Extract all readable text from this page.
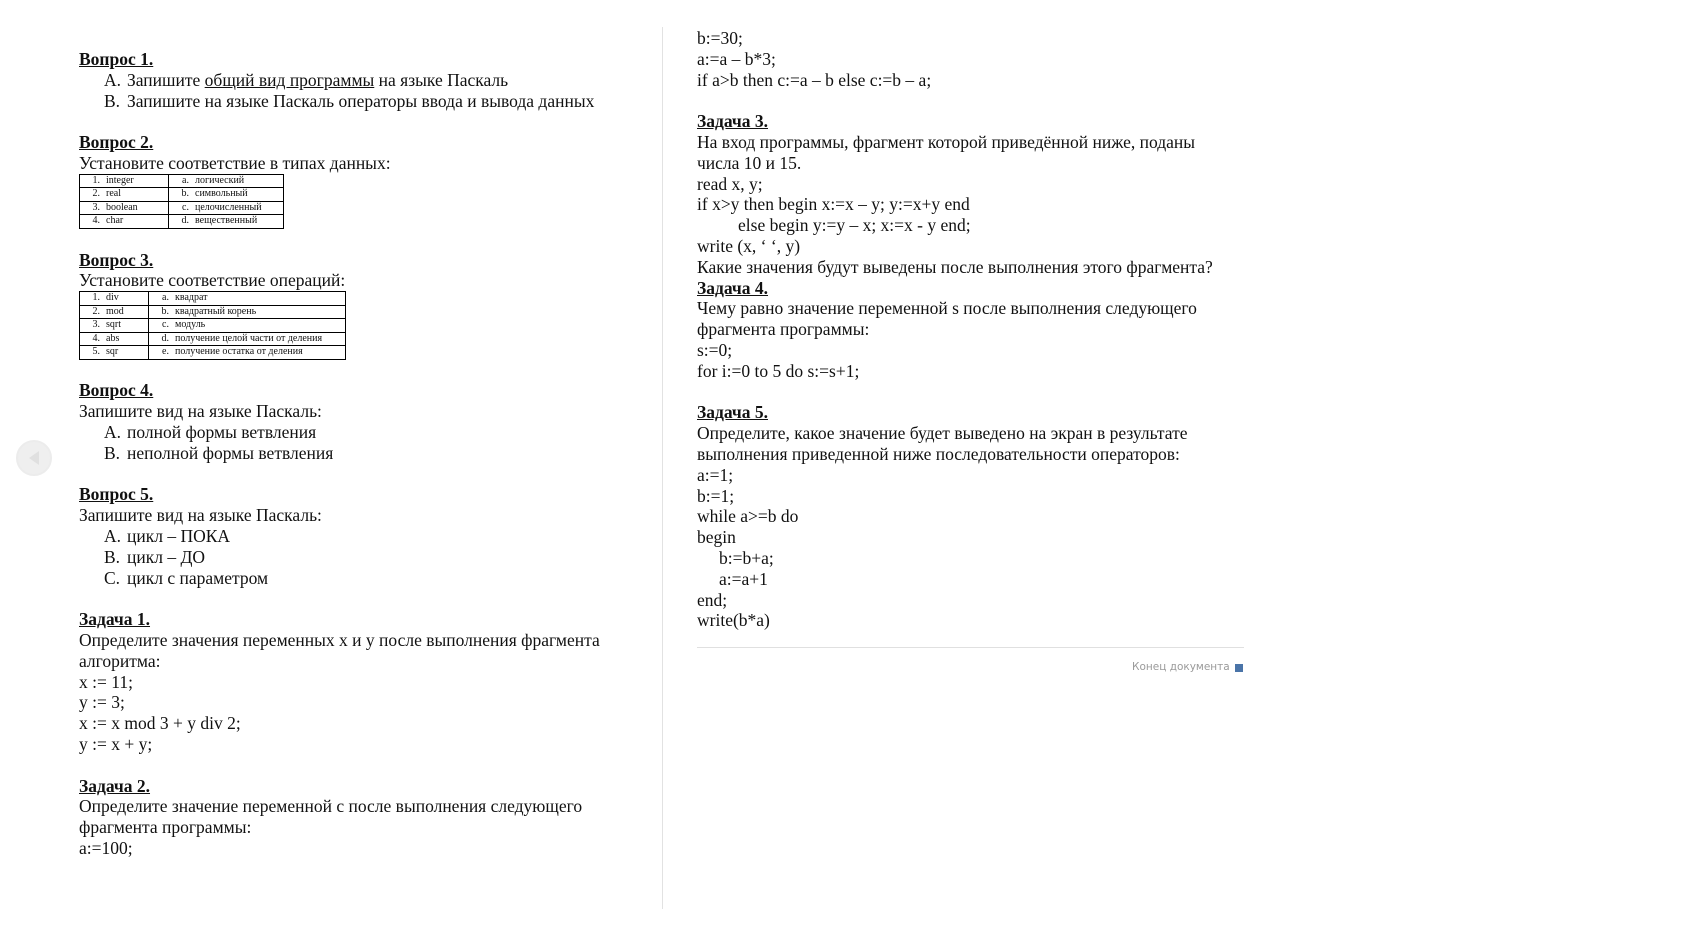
Вопрос 1.
A. Запишите общий вид программы на языке Паскаль
B. Запишите на языке Паскаль операторы ввода и вывода данных
Вопрос 2.
Установите соответствие в типах данных:
1. integer	a. логический
2. real	b. символьный
3. boolean	c. целочисленный
4. char	d. вещественный
Вопрос 3.
Установите соответствие операций:
1. div	a. квадрат
2. mod	b. квадратный корень
3. sqrt	c. модуль
4. abs	d. получение целой части от деления
5. sqr	e. получение остатка от деления
Вопрос 4.
Запишите вид на языке Паскаль:
A. полной формы ветвления
B. неполной формы ветвления
Вопрос 5.
Запишите вид на языке Паскаль:
A. цикл – ПОКА
B. цикл – ДО
C. цикл с параметром
Задача 1.
Определите значения переменных x и y после выполнения фрагмента
алгоритма:
x := 11;
y := 3;
x := x mod 3 + y div 2;
y := x + y;
Задача 2.
Определите значение переменной c после выполнения следующего
фрагмента программы:
a:=100;
b:=30;
a:=a – b*3;
if a>b then c:=a – b else c:=b – a;
Задача 3.
На вход программы, фрагмент которой приведённой ниже, поданы
числа 10 и 15.
read x, y;
if x>y then begin x:=x – y; y:=x+y end
else begin y:=y – x; x:=x - y end;
write (x, ‘ ‘, y)
Какие значения будут выведены после выполнения этого фрагмента?
Задача 4.
Чему равно значение переменной s после выполнения следующего
фрагмента программы:
s:=0;
for i:=0 to 5 do s:=s+1;
Задача 5.
Определите, какое значение будет выведено на экран в результате
выполнения приведенной ниже последовательности операторов:
a:=1;
b:=1;
while a>=b do
begin
b:=b+a;
a:=a+1
end;
write(b*a)
Конец документа
